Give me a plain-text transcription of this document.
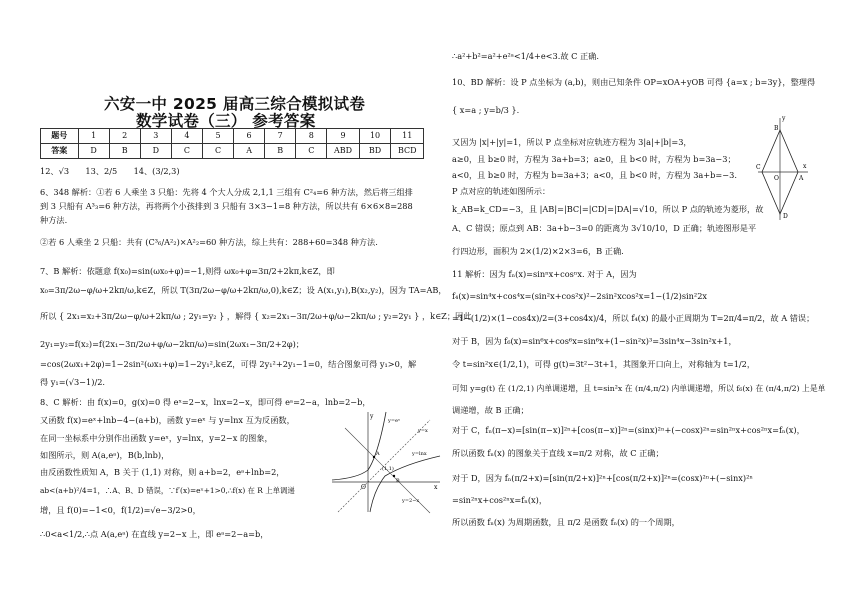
六安一中 2025 届高三综合模拟试卷
数学试卷（三） 参考答案
题号	1	2	3	4	5	6	7	8	9	10	11
答案	D	B	D	C	C	A	B	C	ABD	BD	BCD
12、√3　　13、2/5　　14、(3/2,3)
6、348 解析：①若 6 人乘坐 3 只船：先将 4 个大人分成 2,1,1 三组有 C²₄=6 种方法，然后将三组排
到 3 只船有 A³₃=6 种方法，再将两个小孩排到 3 只船有 3×3−1=8 种方法，所以共有 6×6×8=288
种方法.
②若 6 人乘坐 2 只船：共有 (C³₆/A²₂)×A²₂=60 种方法，综上共有：288+60=348 种方法.
7、B 解析：依题意 f(x₀)=sin(ωx₀+φ)=−1,则得 ωx₀+φ=3π/2+2kπ,k∈Z，即
x₀=3π/2ω−φ/ω+2kπ/ω,k∈Z，所以 T(3π/2ω−φ/ω+2kπ/ω,0),k∈Z；设 A(x₁,y₁),B(x₂,y₂)，因为 TA=AB，
所以 { 2x₁=x₂+3π/2ω−φ/ω+2kπ/ω ; 2y₁=y₂ } ，解得 { x₂=2x₁−3π/2ω+φ/ω−2kπ/ω ; y₂=2y₁ } ，k∈Z；因此
2y₁=y₂=f(x₂)=f(2x₁−3π/2ω+φ/ω−2kπ/ω)=sin(2ωx₁−3π/2+2φ)；
=cos(2ωx₁+2φ)=1−2sin²(ωx₁+φ)=1−2y₁²,k∈Z，可得 2y₁²+2y₁−1=0，结合图象可得 y₁>0，解
得 y₁=(√3−1)/2.
8、C 解析：由 f(x)=0，g(x)=0 得 eˣ=2−x，lnx=2−x，即可得 eᵃ=2−a，lnb=2−b，
又函数 f(x)=eˣ+lnb−4−(a+b)，函数 y=eˣ 与 y=lnx 互为反函数，
在同一坐标系中分别作出函数 y=eˣ，y=lnx，y=2−x 的图象，
如图所示，则 A(a,eᵃ)，B(b,lnb)，
由反函数性质知 A，B 关于 (1,1) 对称，则 a+b=2，eᵃ+lnb=2，
ab<(a+b)²/4=1，∴A、B、D 错误，∵f′(x)=eˣ+1>0,∴f(x) 在 R 上单调递
增，且 f(0)=−1<0，f(1/2)=√e−3/2>0，
∴0<a<1/2,∴点 A(a,eᵃ) 在直线 y=2−x 上，即 eᵃ=2−a=b，
y
x
O
y=eˣ
y=lnx
y=x
y=2−x
A
B
(1,1)
∴a²+b²=a²+e²ᵃ<1/4+e<3.故 C 正确.
10、BD 解析：设 P 点坐标为 (a,b)，则由已知条件 OP=xOA+yOB 可得 {a=x ; b=3y}，整理得
{ x=a ; y=b/3 }.
又因为 |x|+|y|=1，所以 P 点坐标对应轨迹方程为 3|a|+|b|=3，
a≥0，且 b≥0 时，方程为 3a+b=3；a≥0，且 b<0 时，方程为 b=3a−3；
a<0，且 b≥0 时，方程为 b=3a+3；a<0，且 b<0 时，方程为 3a+b=−3.
P 点对应的轨迹如图所示：
k_AB=k_CD=−3，且 |AB|=|BC|=|CD|=|DA|=√10，所以 P 点的轨迹为菱形，故
A、C 错误；原点到 AB：3a+b−3=0 的距离为 3√10/10，D 正确；轨迹图形是平
行四边形，面积为 2×(1/2)×2×3=6，B 正确.
11 解析：因为 fₙ(x)=sinⁿx+cosⁿx. 对于 A，因为
f₄(x)=sin⁴x+cos⁴x=(sin²x+cos²x)²−2sin²xcos²x=1−(1/2)sin²2x
=1−(1/2)×(1−cos4x)/2=(3+cos4x)/4，所以 f₄(x) 的最小正周期为 T=2π/4=π/2，故 A 错误；
对于 B，因为 f₆(x)=sin⁶x+cos⁶x=sin⁶x+(1−sin²x)³=3sin⁴x−3sin²x+1，
令 t=sin²x∈(1/2,1)，可得 g(t)=3t²−3t+1，其图象开口向上，对称轴为 t=1/2，
可知 y=g(t) 在 (1/2,1) 内单调递增，且 t=sin²x 在 (π/4,π/2) 内单调递增，所以 f₆(x) 在 (π/4,π/2) 上是单
调递增，故 B 正确；
对于 C，fₙ(π−x)=[sin(π−x)]²ⁿ+[cos(π−x)]²ⁿ=(sinx)²ⁿ+(−cosx)²ⁿ=sin²ⁿx+cos²ⁿx=fₙ(x)，
所以函数 fₙ(x) 的图象关于直线 x=π/2 对称，故 C 正确；
对于 D，因为 fₙ(π/2+x)=[sin(π/2+x)]²ⁿ+[cos(π/2+x)]²ⁿ=(cosx)²ⁿ+(−sinx)²ⁿ
=sin²ⁿx+cos²ⁿx=fₙ(x)，
所以函数 fₙ(x) 为周期函数，且 π/2 是函数 fₙ(x) 的一个周期，
y
x
O	A
B
C
D
